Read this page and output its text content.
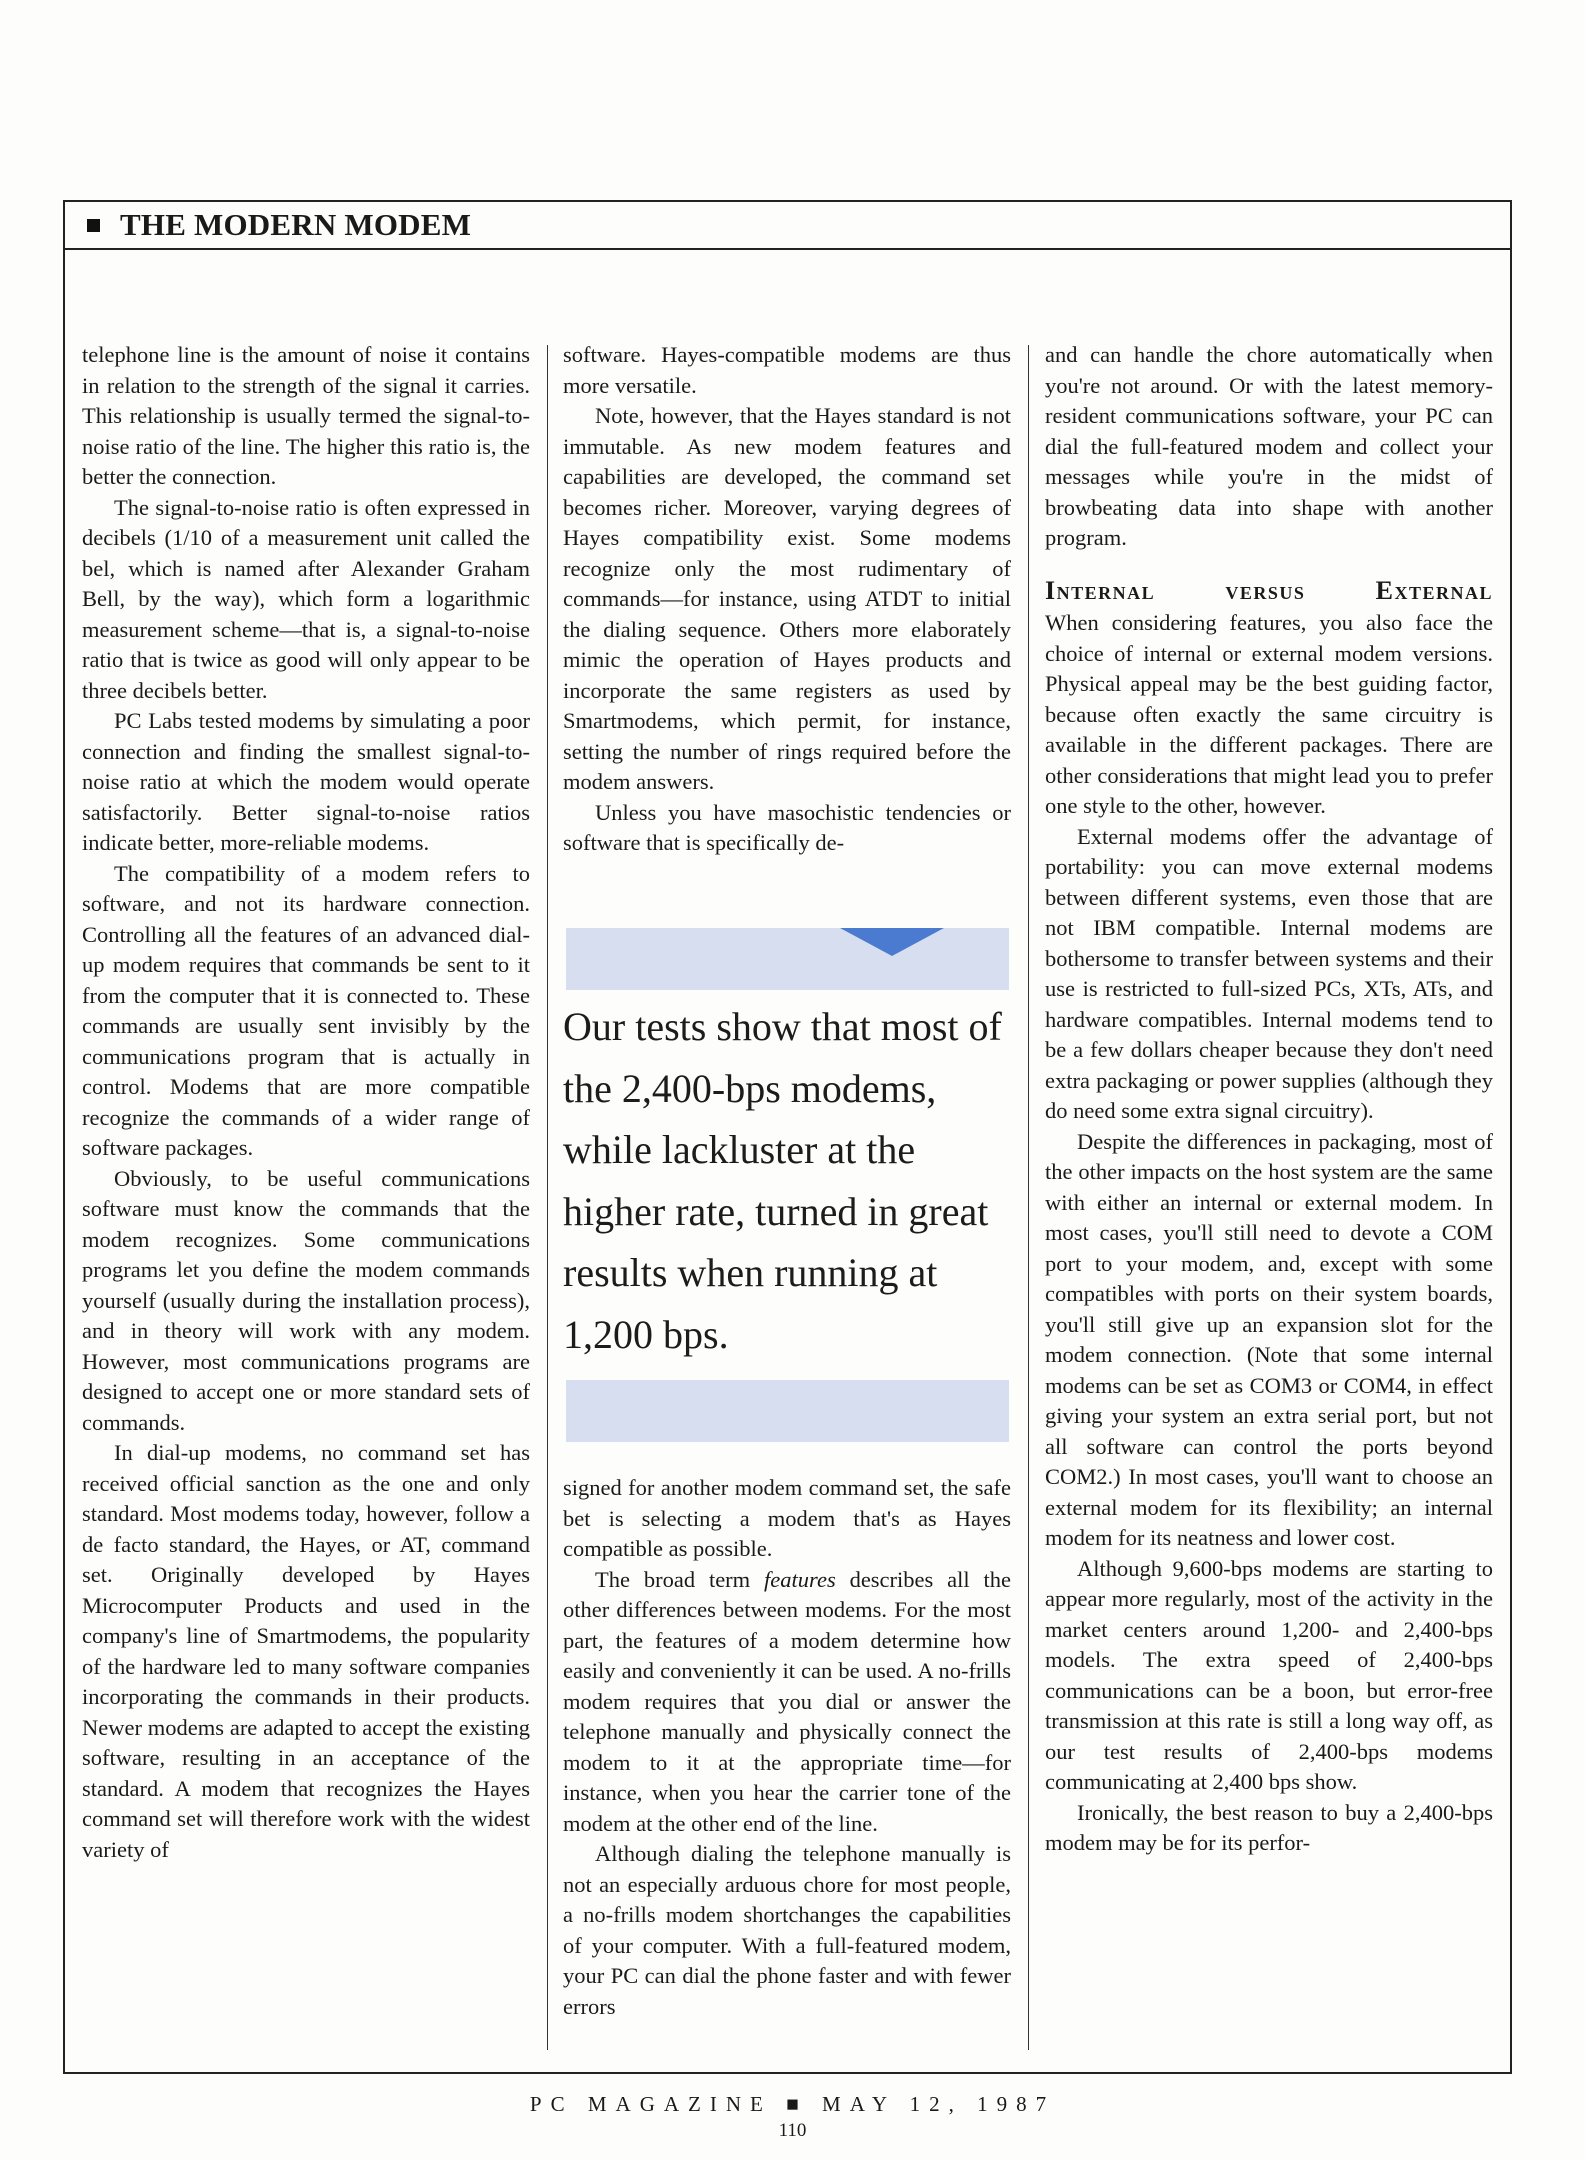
THE MODERN MODEM

telephone line is the amount of noise it contains in relation to the strength of the signal it carries. This relationship is usually termed the signal-to-noise ratio of the line. The higher this ratio is, the better the connection.

The signal-to-noise ratio is often expressed in decibels (1/10 of a measurement unit called the bel, which is named after Alexander Graham Bell, by the way), which form a logarithmic measurement scheme—that is, a signal-to-noise ratio that is twice as good will only appear to be three decibels better.

PC Labs tested modems by simulating a poor connection and finding the smallest signal-to-noise ratio at which the modem would operate satisfactorily. Better signal-to-noise ratios indicate better, more-reliable modems.

The compatibility of a modem refers to software, and not its hardware connection. Controlling all the features of an advanced dial-up modem requires that commands be sent to it from the computer that it is connected to. These commands are usually sent invisibly by the communications program that is actually in control. Modems that are more compatible recognize the commands of a wider range of software packages.

Obviously, to be useful communications software must know the commands that the modem recognizes. Some communications programs let you define the modem commands yourself (usually during the installation process), and in theory will work with any modem. However, most communications programs are designed to accept one or more standard sets of commands.

In dial-up modems, no command set has received official sanction as the one and only standard. Most modems today, however, follow a de facto standard, the Hayes, or AT, command set. Originally developed by Hayes Microcomputer Products and used in the company's line of Smartmodems, the popularity of the hardware led to many software companies incorporating the commands in their products. Newer modems are adapted to accept the existing software, resulting in an acceptance of the standard. A modem that recognizes the Hayes command set will therefore work with the widest variety of

software. Hayes-compatible modems are thus more versatile.

Note, however, that the Hayes standard is not immutable. As new modem features and capabilities are developed, the command set becomes richer. Moreover, varying degrees of Hayes compatibility exist. Some modems recognize only the most rudimentary of commands—for instance, using ATDT to initial the dialing sequence. Others more elaborately mimic the operation of Hayes products and incorporate the same registers as used by Smartmodems, which permit, for instance, setting the number of rings required before the modem answers.

Unless you have masochistic tendencies or software that is specifically de-

Our tests show that most of the 2,400-bps modems, while lackluster at the higher rate, turned in great results when running at 1,200 bps.

signed for another modem command set, the safe bet is selecting a modem that's as Hayes compatible as possible.

The broad term features describes all the other differences between modems. For the most part, the features of a modem determine how easily and conveniently it can be used. A no-frills modem requires that you dial or answer the telephone manually and physically connect the modem to it at the appropriate time—for instance, when you hear the carrier tone of the modem at the other end of the line.

Although dialing the telephone manually is not an especially arduous chore for most people, a no-frills modem shortchanges the capabilities of your computer. With a full-featured modem, your PC can dial the phone faster and with fewer errors

and can handle the chore automatically when you're not around. Or with the latest memory-resident communications software, your PC can dial the full-featured modem and collect your messages while you're in the midst of browbeating data into shape with another program.

Internal versus External

When considering features, you also face the choice of internal or external modem versions. Physical appeal may be the best guiding factor, because often exactly the same circuitry is available in the different packages. There are other considerations that might lead you to prefer one style to the other, however.

External modems offer the advantage of portability: you can move external modems between different systems, even those that are not IBM compatible. Internal modems are bothersome to transfer between systems and their use is restricted to full-sized PCs, XTs, ATs, and hardware compatibles. Internal modems tend to be a few dollars cheaper because they don't need extra packaging or power supplies (although they do need some extra signal circuitry).

Despite the differences in packaging, most of the other impacts on the host system are the same with either an internal or external modem. In most cases, you'll still need to devote a COM port to your modem, and, except with some compatibles with ports on their system boards, you'll still give up an expansion slot for the modem connection. (Note that some internal modems can be set as COM3 or COM4, in effect giving your system an extra serial port, but not all software can control the ports beyond COM2.) In most cases, you'll want to choose an external modem for its flexibility; an internal modem for its neatness and lower cost.

Although 9,600-bps modems are starting to appear more regularly, most of the activity in the market centers around 1,200- and 2,400-bps models. The extra speed of 2,400-bps communications can be a boon, but error-free transmission at this rate is still a long way off, as our test results of 2,400-bps modems communicating at 2,400 bps show.

Ironically, the best reason to buy a 2,400-bps modem may be for its perfor-

PC MAGAZINE ■ MAY 12, 1987
110
